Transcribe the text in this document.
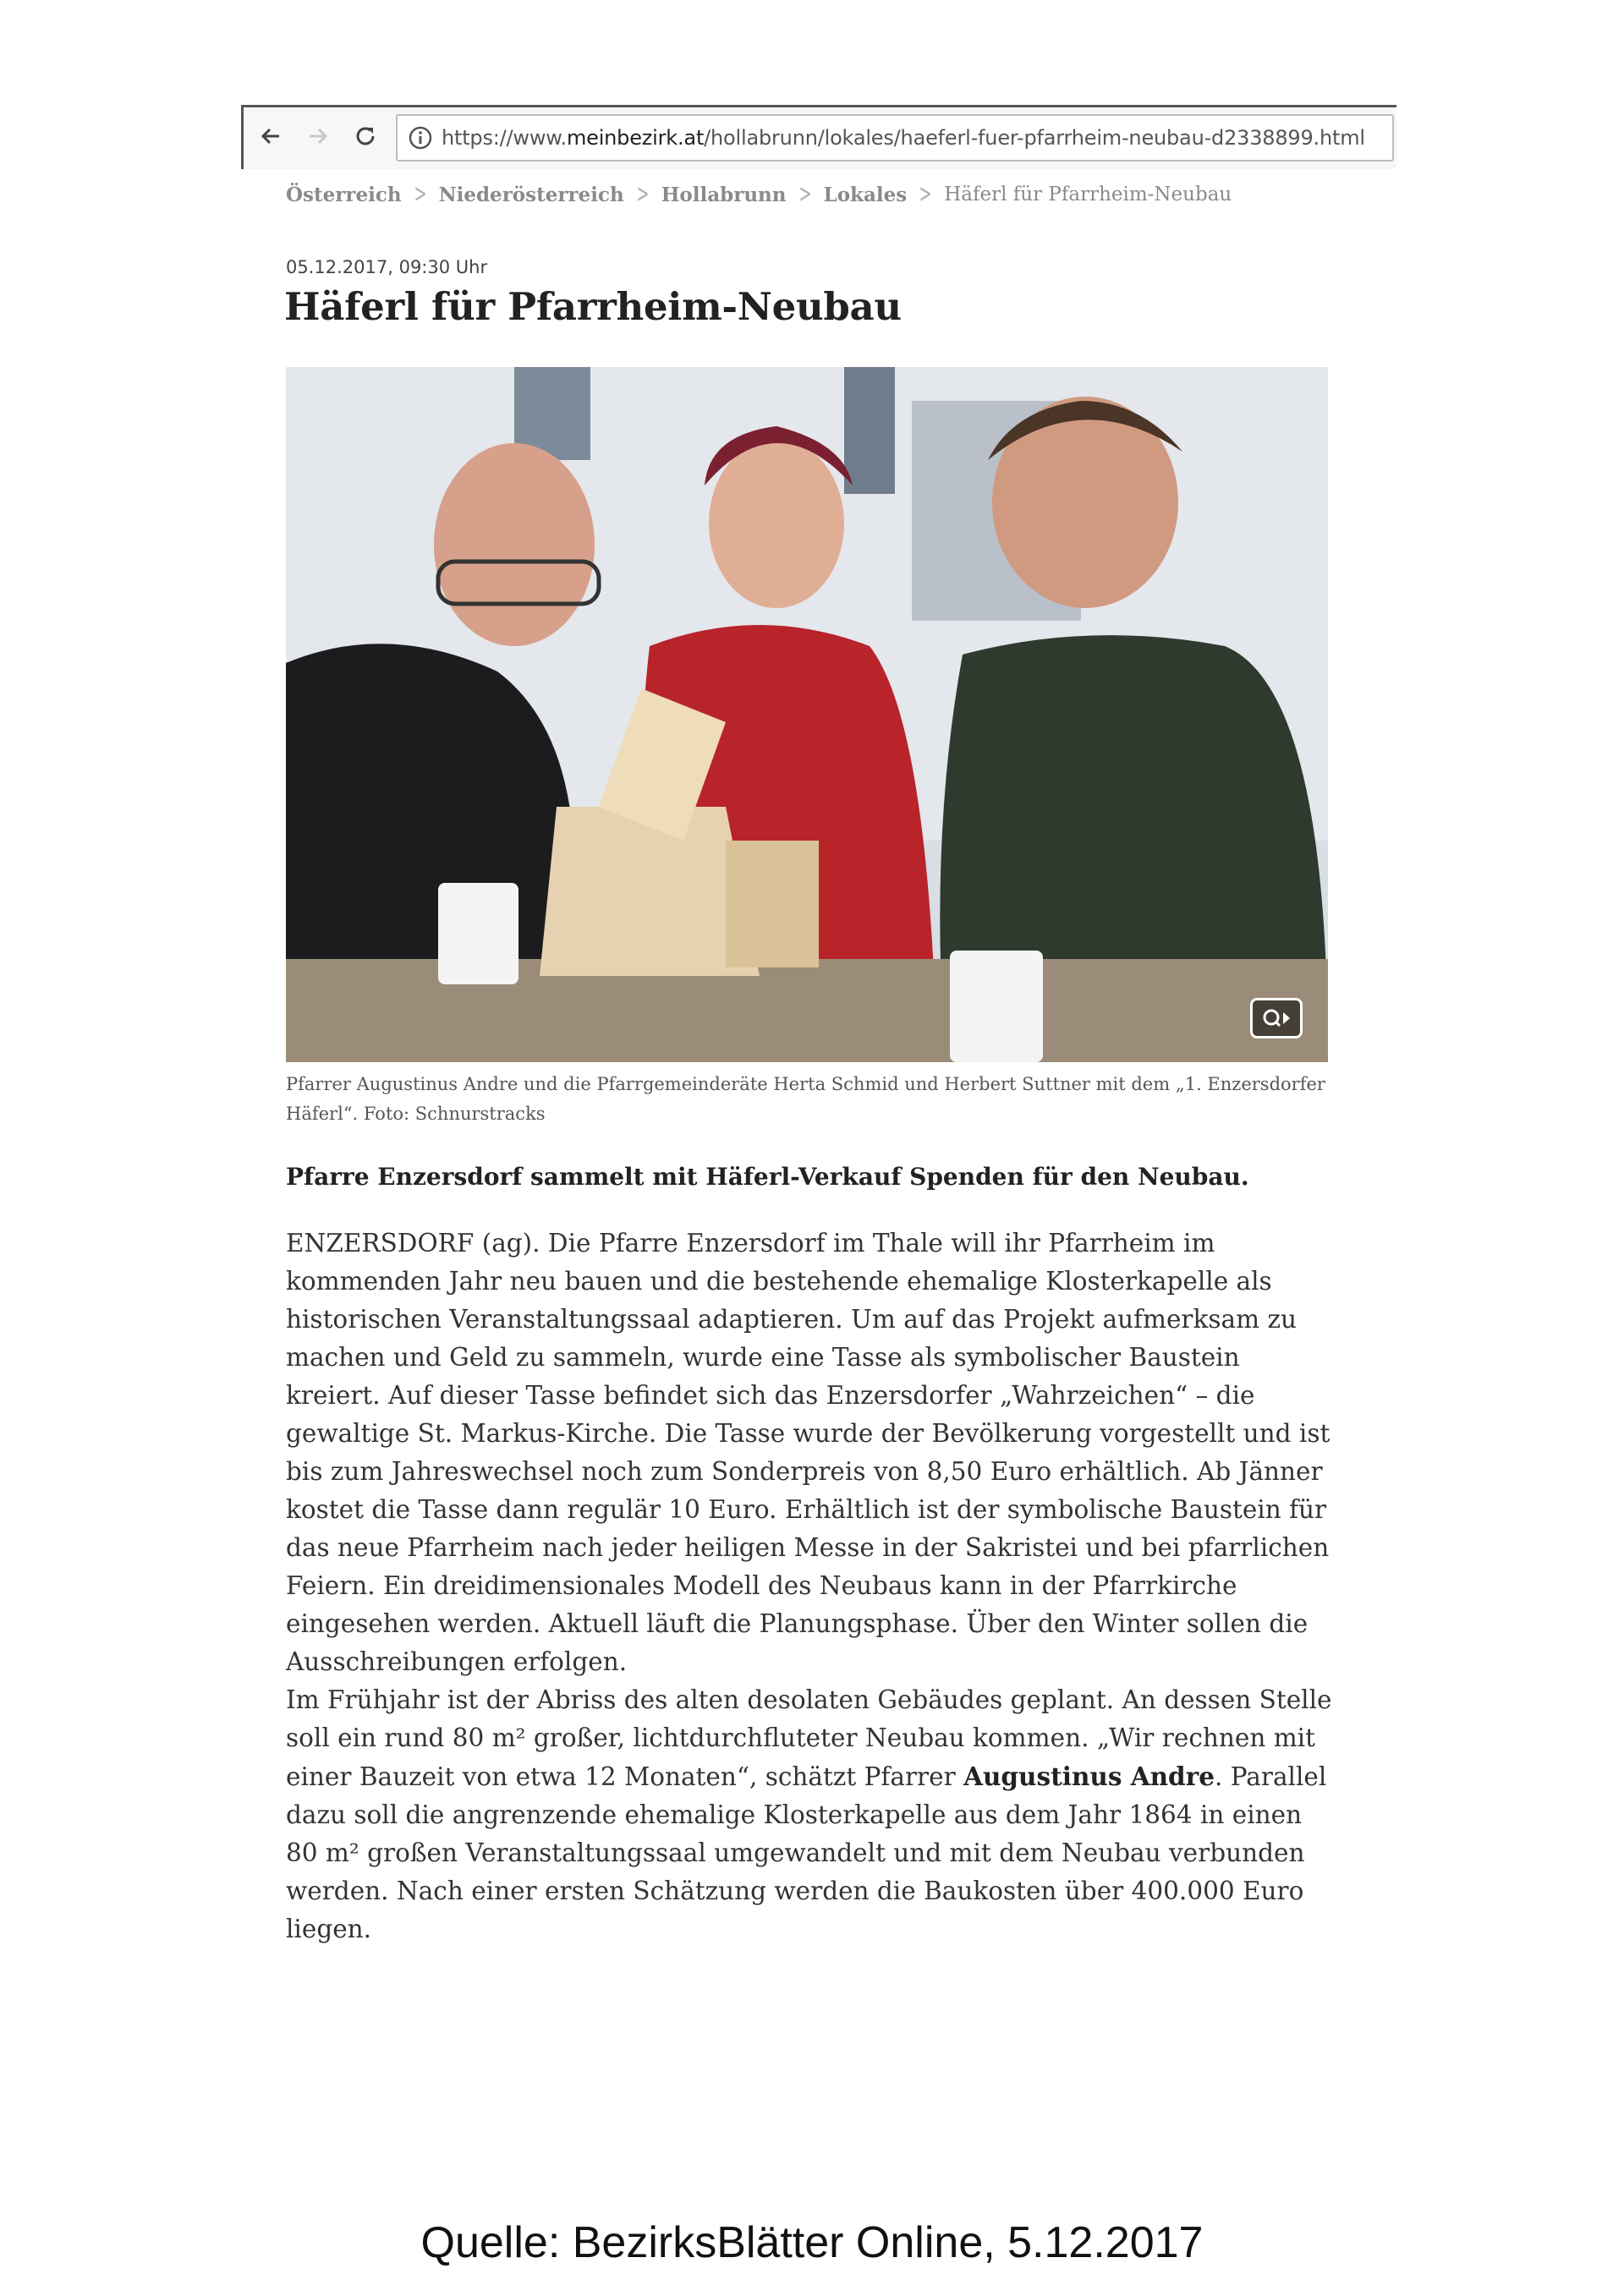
https://www.meinbezirk.at/hollabrunn/lokales/haeferl-fuer-pfarrheim-neubau-d2338899.html
Österreich > Niederösterreich > Hollabrunn > Lokales > Häferl für Pfarrheim-Neubau
05.12.2017, 09:30 Uhr
Häferl für Pfarrheim-Neubau
Pfarrer Augustinus Andre und die Pfarrgemeinderäte Herta Schmid und Herbert Suttner mit dem „1. Enzersdorfer Häferl“. Foto: Schnurstracks

Pfarre Enzersdorf sammelt mit Häferl-Verkauf Spenden für den Neubau.

ENZERSDORF (ag). Die Pfarre Enzersdorf im Thale will ihr Pfarrheim im kommenden Jahr neu bauen und die bestehende ehemalige Klosterkapelle als historischen Veranstaltungssaal adaptieren. Um auf das Projekt aufmerksam zu machen und Geld zu sammeln, wurde eine Tasse als symbolischer Baustein kreiert. Auf dieser Tasse befindet sich das Enzersdorfer „Wahrzeichen“ – die gewaltige St. Markus-Kirche. Die Tasse wurde der Bevölkerung vorgestellt und ist bis zum Jahreswechsel noch zum Sonderpreis von 8,50 Euro erhältlich. Ab Jänner kostet die Tasse dann regulär 10 Euro. Erhältlich ist der symbolische Baustein für das neue Pfarrheim nach jeder heiligen Messe in der Sakristei und bei pfarrlichen Feiern. Ein dreidimensionales Modell des Neubaus kann in der Pfarrkirche eingesehen werden. Aktuell läuft die Planungsphase. Über den Winter sollen die Ausschreibungen erfolgen.

Im Frühjahr ist der Abriss des alten desolaten Gebäudes geplant. An dessen Stelle soll ein rund 80 m² großer, lichtdurchfluteter Neubau kommen. „Wir rechnen mit einer Bauzeit von etwa 12 Monaten“, schätzt Pfarrer Augustinus Andre. Parallel dazu soll die angrenzende ehemalige Klosterkapelle aus dem Jahr 1864 in einen 80 m² großen Veranstaltungssaal umgewandelt und mit dem Neubau verbunden werden. Nach einer ersten Schätzung werden die Baukosten über 400.000 Euro liegen.

Quelle: BezirksBlätter Online, 5.12.2017
